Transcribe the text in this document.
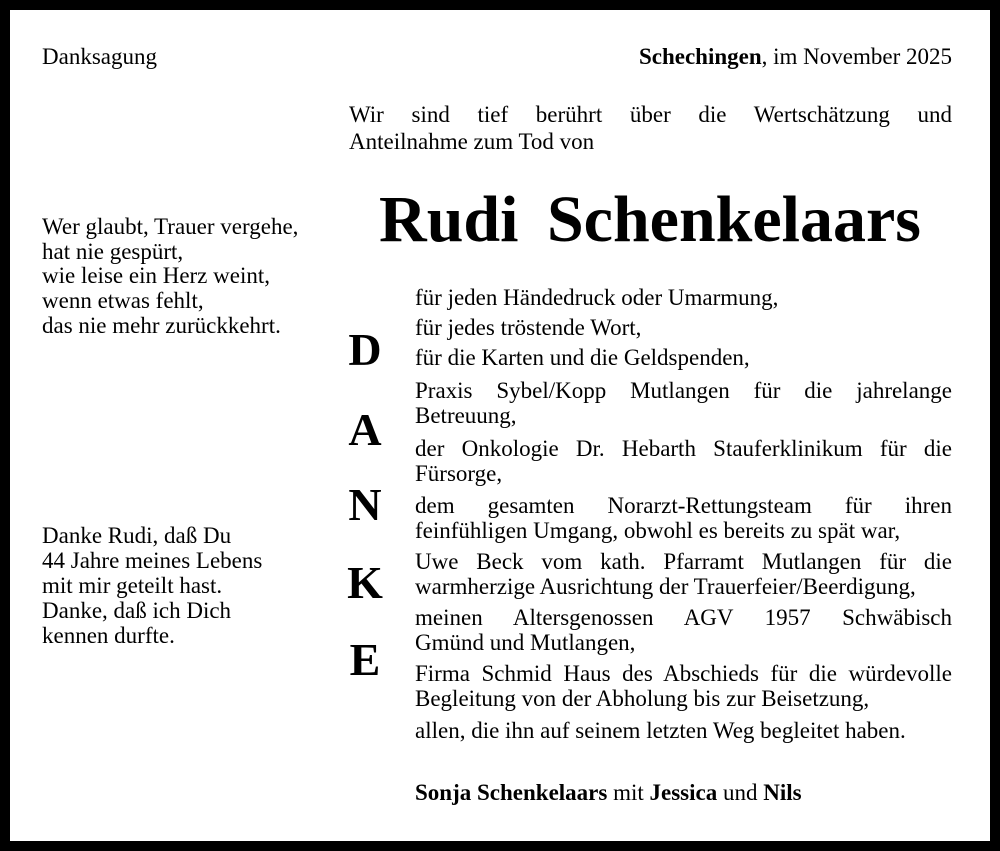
Danksagung	Schechingen, im November 2025
Wir sind tief berührt über die Wertschätzung und
Anteilnahme zum Tod von
Rudi Schenkelaars
Wer glaubt, Trauer vergehe,
hat nie gespürt,
wie leise ein Herz weint,
wenn etwas fehlt,
das nie mehr zurückkehrt.
Danke Rudi, daß Du
44 Jahre meines Lebens
mit mir geteilt hast.
Danke, daß ich Dich
kennen durfte.
D
A
N
K
E
für jeden Händedruck oder Umarmung,
für jedes tröstende Wort,
für die Karten und die Geldspenden,
Praxis Sybel/Kopp Mutlangen für die jahrelange
Betreuung,
der Onkologie Dr. Hebarth Stauferklinikum für die
Fürsorge,
dem gesamten Norarzt-Rettungsteam für ihren
feinfühligen Umgang, obwohl es bereits zu spät war,
Uwe Beck vom kath. Pfarramt Mutlangen für die
warmherzige Ausrichtung der Trauerfeier/Beerdigung,
meinen Altersgenossen AGV 1957 Schwäbisch
Gmünd und Mutlangen,
Firma Schmid Haus des Abschieds für die würdevolle
Begleitung von der Abholung bis zur Beisetzung,
allen, die ihn auf seinem letzten Weg begleitet haben.
Sonja Schenkelaars mit Jessica und Nils
